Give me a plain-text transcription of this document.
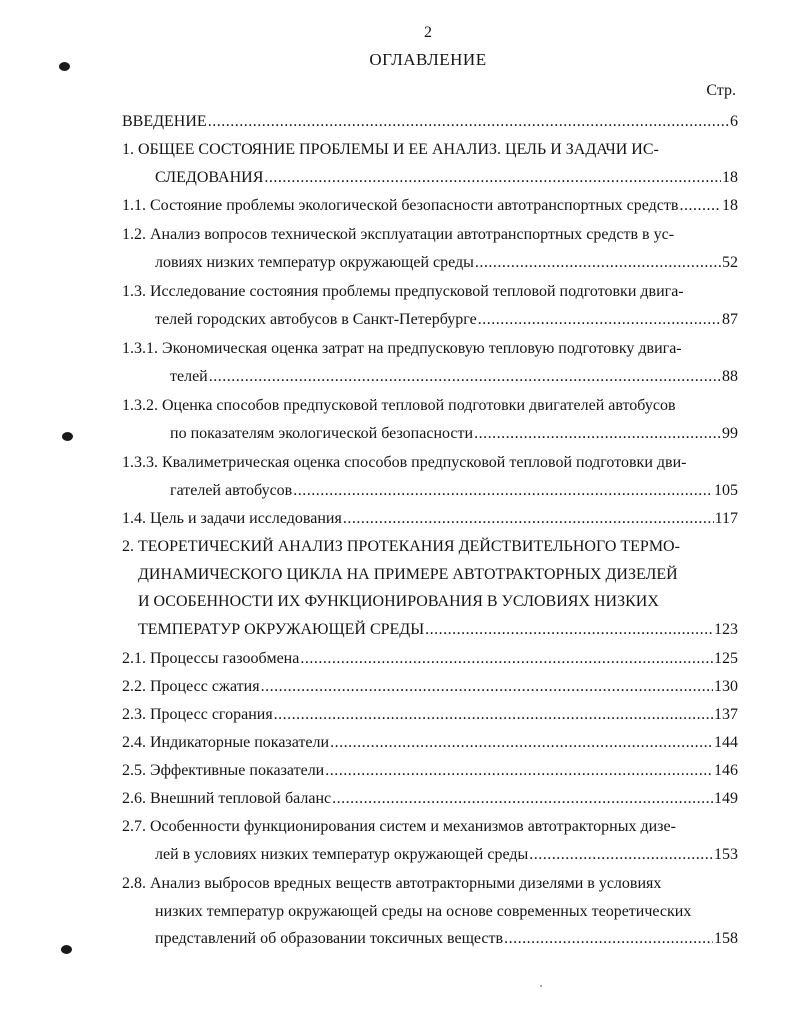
2
ОГЛАВЛЕНИЕ
Стр.
ВВЕДЕНИЕ .....	6
1. ОБЩЕЕ СОСТОЯНИЕ ПРОБЛЕМЫ И ЕЕ АНАЛИЗ. ЦЕЛЬ И ЗАДАЧИ ИС-
СЛЕДОВАНИЯ .....	18
1.1. Состояние проблемы экологической безопасности автотранспортных средств .....	18
1.2. Анализ вопросов технической эксплуатации автотранспортных средств в ус-
ловиях низких температур окружающей среды .....	52
1.3. Исследование состояния проблемы предпусковой тепловой подготовки двига-
телей городских автобусов в Санкт-Петербурге .....	87
1.3.1. Экономическая оценка затрат на предпусковую тепловую подготовку двига-
телей .....	88
1.3.2. Оценка способов предпусковой тепловой подготовки двигателей автобусов
по показателям экологической безопасности .....	99
1.3.3. Квалиметрическая оценка способов предпусковой тепловой подготовки дви-
гателей автобусов .....	105
1.4. Цель и задачи исследования .....	117
2. ТЕОРЕТИЧЕСКИЙ АНАЛИЗ ПРОТЕКАНИЯ ДЕЙСТВИТЕЛЬНОГО ТЕРМО-
ДИНАМИЧЕСКОГО ЦИКЛА НА ПРИМЕРЕ АВТОТРАКТОРНЫХ ДИЗЕЛЕЙ
И ОСОБЕННОСТИ ИХ ФУНКЦИОНИРОВАНИЯ В УСЛОВИЯХ НИЗКИХ
ТЕМПЕРАТУР ОКРУЖАЮЩЕЙ СРЕДЫ .....	123
2.1. Процессы газообмена .....	125
2.2. Процесс сжатия .....	130
2.3. Процесс сгорания .....	137
2.4. Индикаторные показатели .....	144
2.5. Эффективные показатели .....	146
2.6. Внешний тепловой баланс .....	149
2.7. Особенности функционирования систем и механизмов автотракторных дизе-
лей в условиях низких температур окружающей среды .....	153
2.8. Анализ выбросов вредных веществ автотракторными дизелями в условиях
низких температур окружающей среды на основе современных теоретических
представлений об образовании токсичных веществ .....	158
